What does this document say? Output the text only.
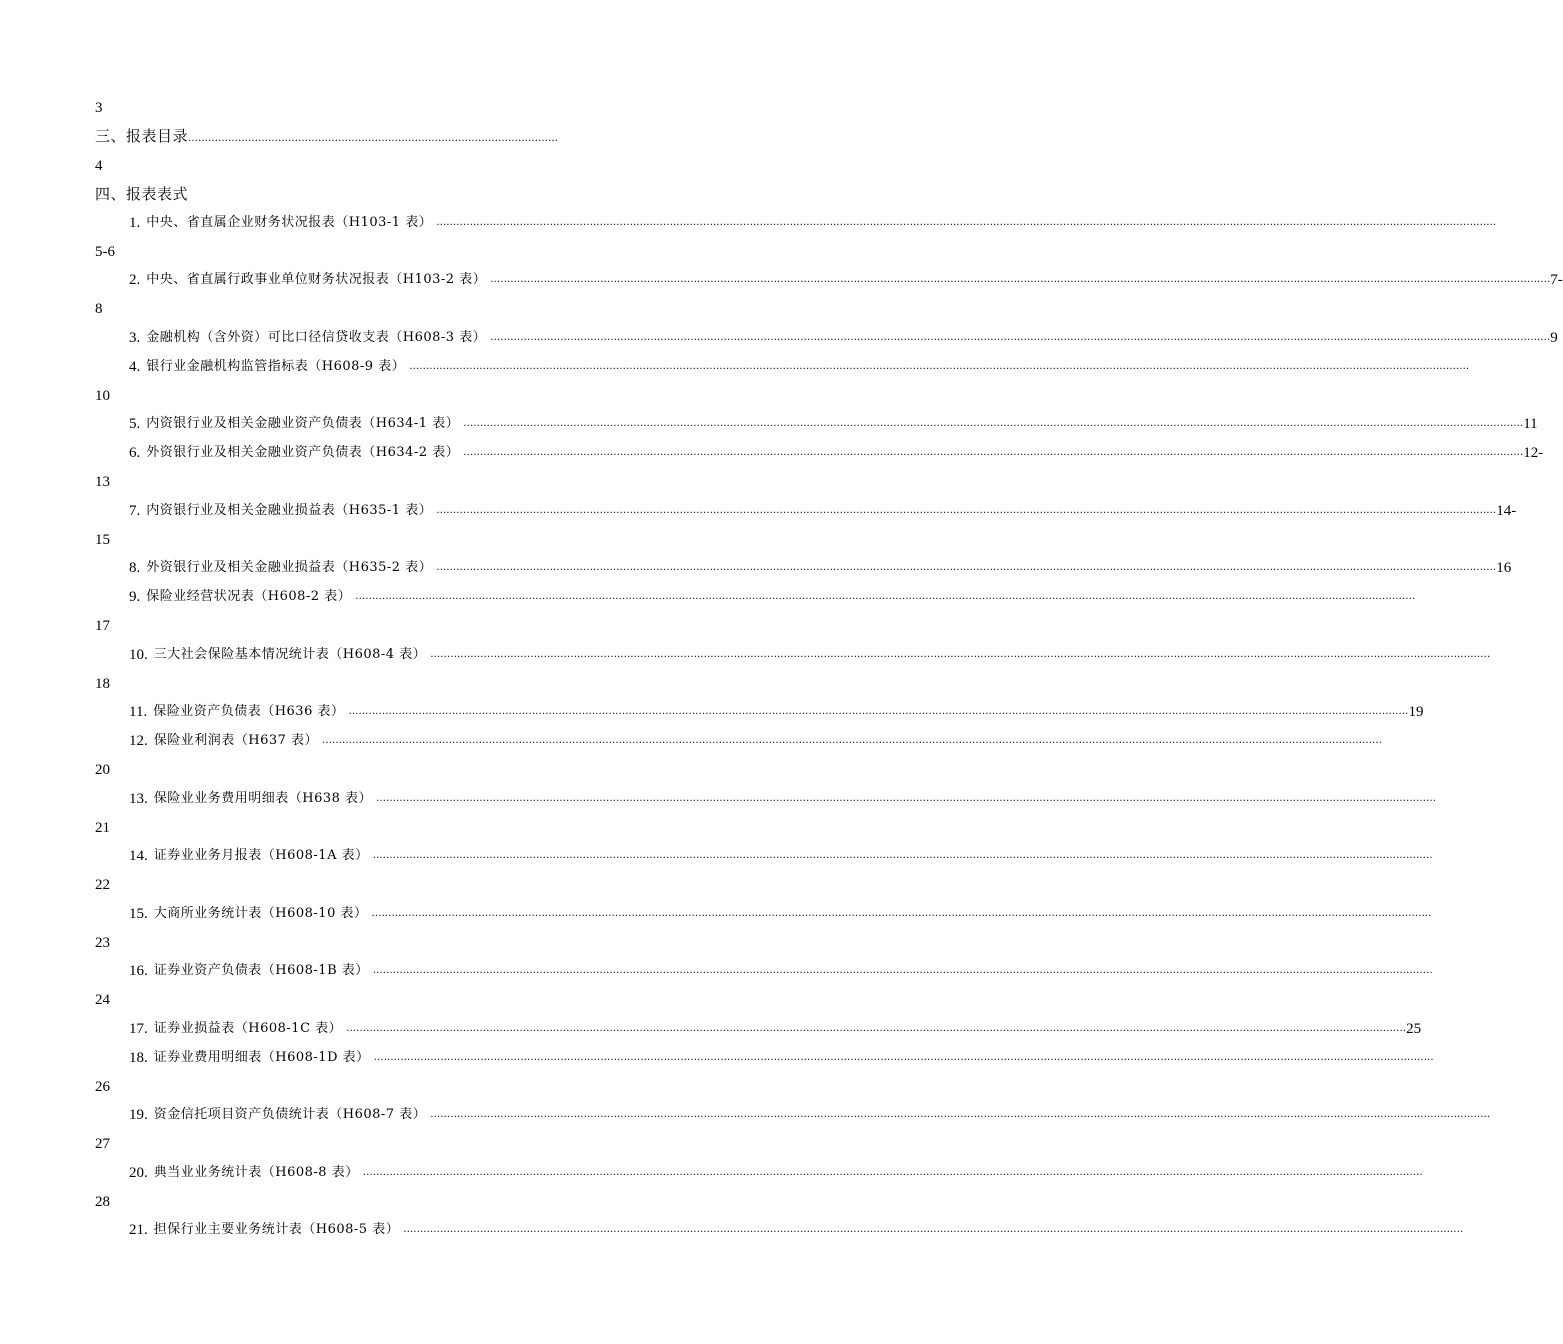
3
三、报表目录…………………………………………………………………………………………………
4
四、报表表式
1. 中央、省直属企业财务状况报表（H103-1 表） …………………………………………………………………………………………………………………………………………………………………………………………………………………………………………………………………………………………
5-6
2. 中央、省直属行政事业单位财务状况报表（H103-2 表） ………………………………………………………………………………………………………………………………………………………………………………………………………………………………………………………………………………………… 7-
8
3. 金融机构（含外资）可比口径信贷收支表（H608-3 表） ………………………………………………………………………………………………………………………………………………………………………………………………………………………………………………………………………………………… 9
4. 银行业金融机构监管指标表（H608-9 表） …………………………………………………………………………………………………………………………………………………………………………………………………………………………………………………………………………………………
10
5. 内资银行业及相关金融业资产负债表（H634-1 表） ………………………………………………………………………………………………………………………………………………………………………………………………………………………………………………………………………………………… 11
6. 外资银行业及相关金融业资产负债表（H634-2 表） ………………………………………………………………………………………………………………………………………………………………………………………………………………………………………………………………………………………… 12-
13
7. 内资银行业及相关金融业损益表（H635-1 表） ………………………………………………………………………………………………………………………………………………………………………………………………………………………………………………………………………………………… 14-
15
8. 外资银行业及相关金融业损益表（H635-2 表） ………………………………………………………………………………………………………………………………………………………………………………………………………………………………………………………………………………………… 16
9. 保险业经营状况表（H608-2 表） …………………………………………………………………………………………………………………………………………………………………………………………………………………………………………………………………………………………
17
10. 三大社会保险基本情况统计表（H608-4 表） …………………………………………………………………………………………………………………………………………………………………………………………………………………………………………………………………………………………
18
11. 保险业资产负债表（H636 表） ………………………………………………………………………………………………………………………………………………………………………………………………………………………………………………………………………………………… 19
12. 保险业利润表（H637 表） …………………………………………………………………………………………………………………………………………………………………………………………………………………………………………………………………………………………
20
13. 保险业业务费用明细表（H638 表） …………………………………………………………………………………………………………………………………………………………………………………………………………………………………………………………………………………………
21
14. 证券业业务月报表（H608-1A 表） …………………………………………………………………………………………………………………………………………………………………………………………………………………………………………………………………………………………
22
15. 大商所业务统计表（H608-10 表） …………………………………………………………………………………………………………………………………………………………………………………………………………………………………………………………………………………………
23
16. 证券业资产负债表（H608-1B 表） …………………………………………………………………………………………………………………………………………………………………………………………………………………………………………………………………………………………
24
17. 证券业损益表（H608-1C 表） ………………………………………………………………………………………………………………………………………………………………………………………………………………………………………………………………………………………… 25
18. 证券业费用明细表（H608-1D 表） …………………………………………………………………………………………………………………………………………………………………………………………………………………………………………………………………………………………
26
19. 资金信托项目资产负债统计表（H608-7 表） …………………………………………………………………………………………………………………………………………………………………………………………………………………………………………………………………………………………
27
20. 典当业业务统计表（H608-8 表） …………………………………………………………………………………………………………………………………………………………………………………………………………………………………………………………………………………………
28
21. 担保行业主要业务统计表（H608-5 表） …………………………………………………………………………………………………………………………………………………………………………………………………………………………………………………………………………………………
